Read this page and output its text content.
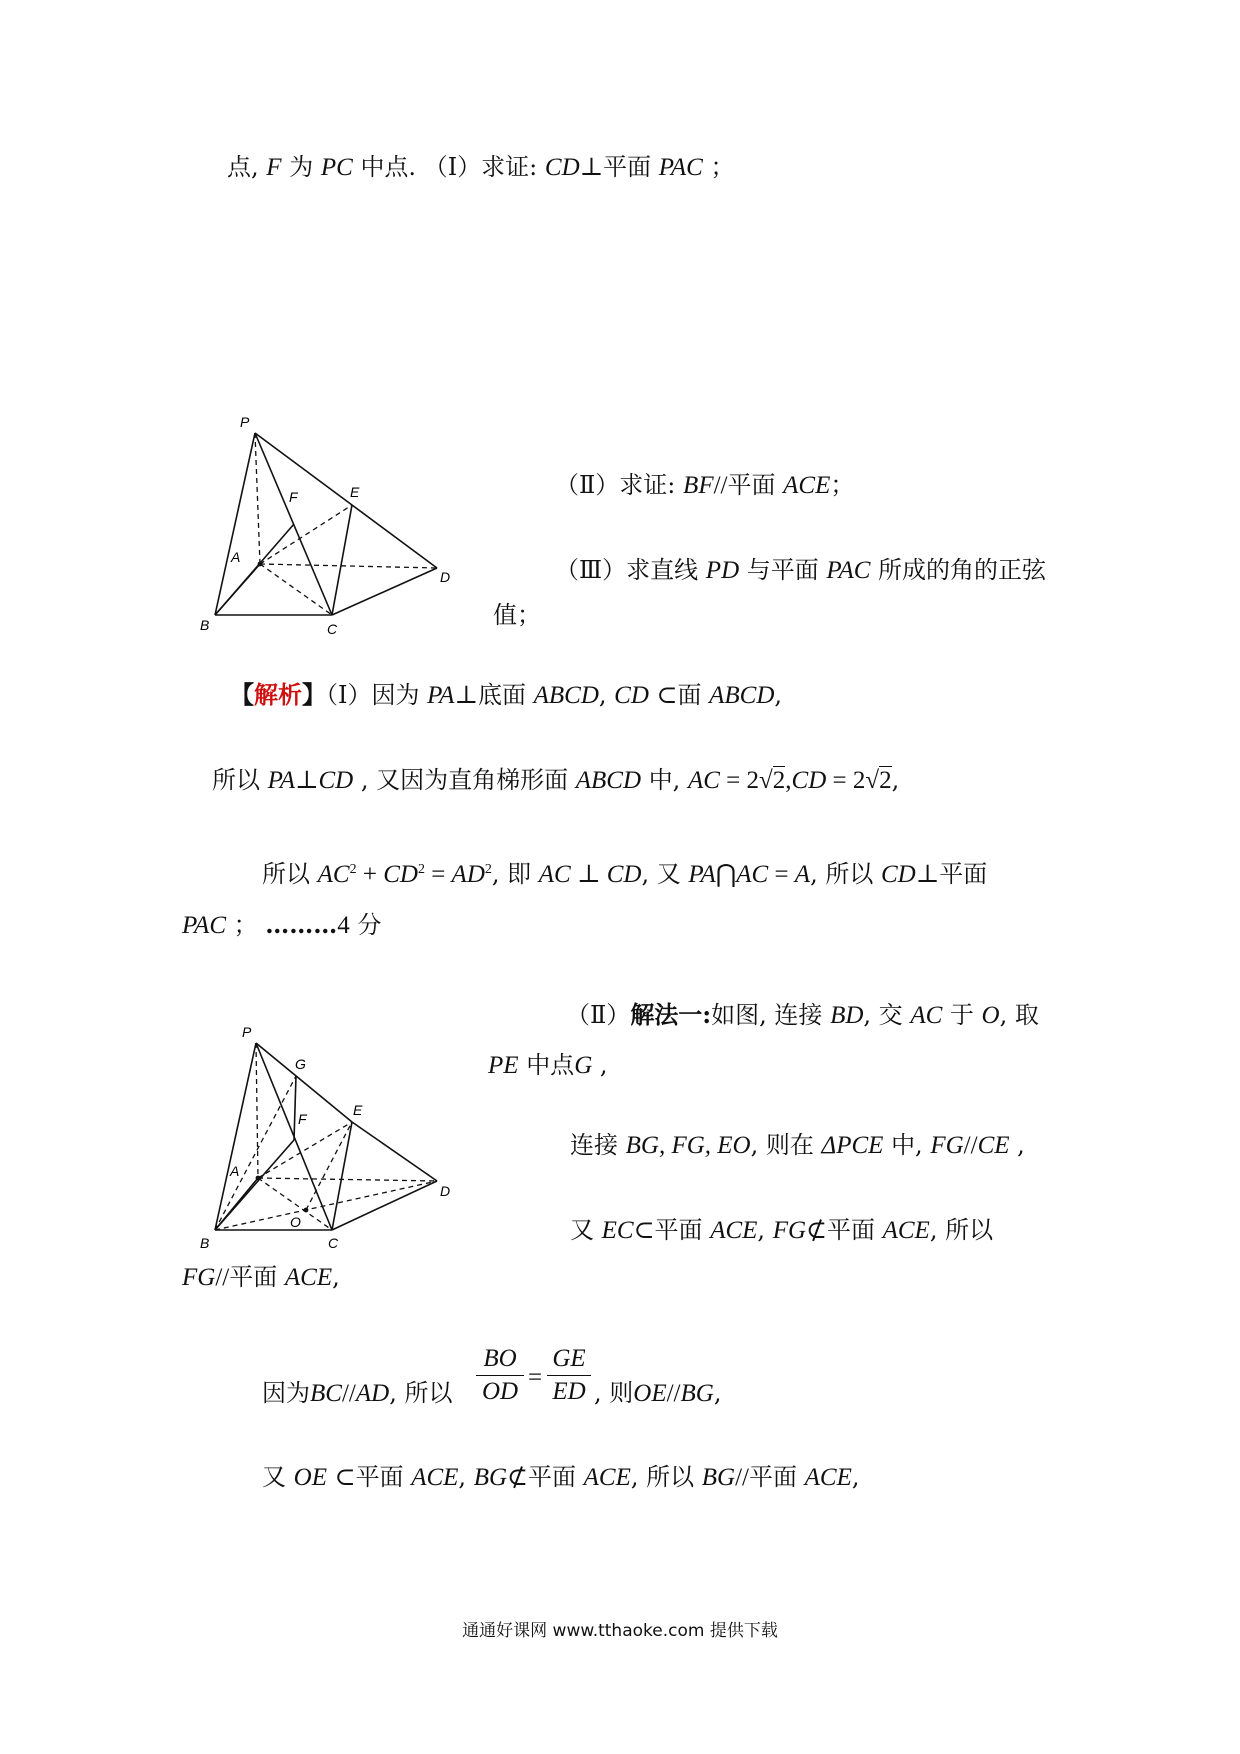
点, F 为 PC 中点. （Ⅰ）求证: CD⊥平面 PAC ；
P
F	E
A
D
B	C
（Ⅱ）求证: BF//平面 ACE；
（Ⅲ）求直线 PD 与平面 PAC 所成的角的正弦
值；
【解析】（Ⅰ）因为 PA⊥底面 ABCD, CD ⊂面 ABCD,
所以 PA⊥CD , 又因为直角梯形面 ABCD 中, AC = 2√2,CD = 2√2,
所以 $AC^2 + CD^2 = AD^2$, 即 AC ⊥ CD, 又 PA⋂AC = A, 所以 CD⊥平面
PAC ； ………4 分
（Ⅱ）解法一:如图, 连接 BD, 交 AC 于 O, 取
PE 中点G ,
P
G
F
E
A
D
B
O
C
连接 BG, FG, EO, 则在 ΔPCE 中, FG//CE ,
又 EC⊂平面 ACE, FG⊄平面 ACE, 所以
FG//平面 ACE,
因为BC//AD, 所以
BO
OD
=
GE
ED , 则OE//BG,
又 OE ⊂平面 ACE, BG⊄平面 ACE, 所以 BG//平面 ACE,
通通好课网 www.tthaoke.com 提供下载
